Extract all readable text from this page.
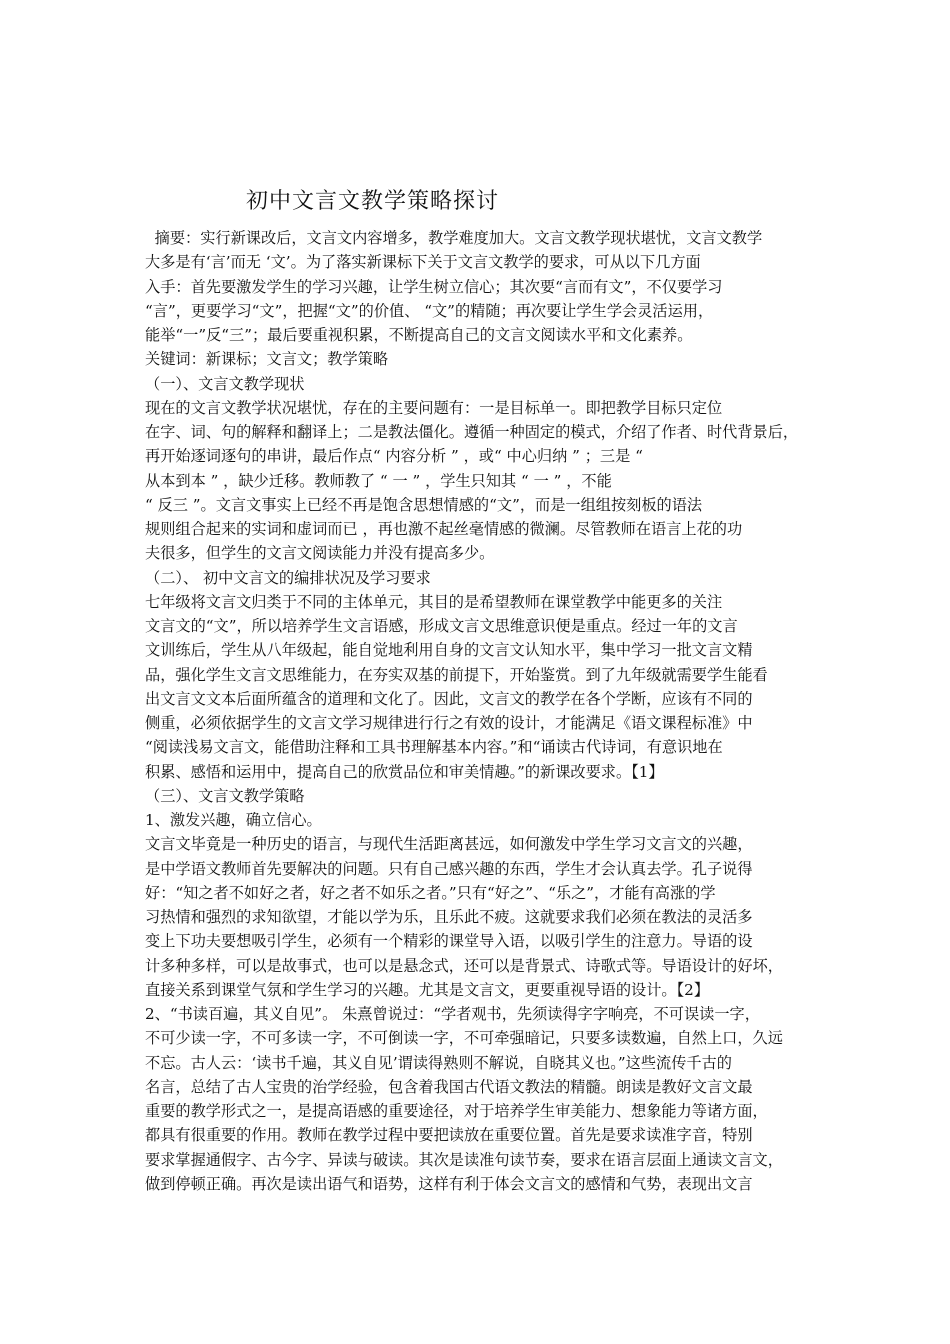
初中文言文教学策略探讨
摘要：实行新课改后，文言文内容增多，教学难度加大。文言文教学现状堪忧，文言文教学
大多是有‘言’而无 ‘文’。为了落实新课标下关于文言文教学的要求，可从以下几方面
入手：首先要激发学生的学习兴趣，让学生树立信心；其次要“言而有文”，不仅要学习
“言”，更要学习“文”，把握“文”的价值、 “文”的精随；再次要让学生学会灵活运用，
能举“一”反“三”；最后要重视积累，不断提高自己的文言文阅读水平和文化素养。
关键词：新课标；文言文；教学策略
（一）、文言文教学现状
现在的文言文教学状况堪忧，存在的主要问题有：一是目标单一。即把教学目标只定位
在字、词、句的解释和翻译上；二是教法僵化。遵循一种固定的模式，介绍了作者、时代背景后，
再开始逐词逐句的串讲，最后作点“ 内容分析 ” ，或“ 中心归纳 ” ；三是 “
从本到本 ” ，缺少迁移。教师教了 “ 一 ” ，学生只知其 “ 一 ” ，不能
“ 反三 ”。文言文事实上已经不再是饱含思想情感的“文”，而是一组组按刻板的语法
规则组合起来的实词和虚词而已 ，再也激不起丝毫情感的微澜。尽管教师在语言上花的功
夫很多，但学生的文言文阅读能力并没有提高多少。
（二）、 初中文言文的编排状况及学习要求
七年级将文言文归类于不同的主体单元，其目的是希望教师在课堂教学中能更多的关注
文言文的“文”，所以培养学生文言语感，形成文言文思维意识便是重点。经过一年的文言
文训练后，学生从八年级起，能自觉地利用自身的文言文认知水平，集中学习一批文言文精
品，强化学生文言文思维能力，在夯实双基的前提下，开始鉴赏。到了九年级就需要学生能看
出文言文文本后面所蕴含的道理和文化了。因此，文言文的教学在各个学断，应该有不同的
侧重，必须依据学生的文言文学习规律进行行之有效的设计，才能满足《语文课程标准》中
“阅读浅易文言文，能借助注释和工具书理解基本内容。”和“诵读古代诗词，有意识地在
积累、感悟和运用中，提高自己的欣赏品位和审美情趣。”的新课改要求。【1】
（三）、文言文教学策略
1、激发兴趣，确立信心。
文言文毕竟是一种历史的语言，与现代生活距离甚远，如何激发中学生学习文言文的兴趣，
是中学语文教师首先要解决的问题。只有自己感兴趣的东西，学生才会认真去学。孔子说得
好：“知之者不如好之者，好之者不如乐之者。”只有“好之”、“乐之”，才能有高涨的学
习热情和强烈的求知欲望，才能以学为乐，且乐此不疲。这就要求我们必须在教法的灵活多
变上下功夫要想吸引学生，必须有一个精彩的课堂导入语，以吸引学生的注意力。导语的设
计多种多样，可以是故事式，也可以是悬念式，还可以是背景式、诗歌式等。导语设计的好坏，
直接关系到课堂气氛和学生学习的兴趣。尤其是文言文，更要重视导语的设计。【2】
2、“书读百遍，其义自见”。 朱熹曾说过：“学者观书，先须读得字字响亮，不可误读一字，
不可少读一字，不可多读一字，不可倒读一字，不可牵强暗记，只要多读数遍，自然上口，久远
不忘。古人云：‘读书千遍，其义自见’谓读得熟则不解说，自晓其义也。”这些流传千古的
名言，总结了古人宝贵的治学经验，包含着我国古代语文教法的精髓。朗读是教好文言文最
重要的教学形式之一，是提高语感的重要途径，对于培养学生审美能力、想象能力等诸方面，
都具有很重要的作用。教师在教学过程中要把读放在重要位置。首先是要求读准字音，特别
要求掌握通假字、古今字、异读与破读。其次是读准句读节奏，要求在语言层面上通读文言文，
做到停顿正确。再次是读出语气和语势，这样有利于体会文言文的感情和气势，表现出文言
